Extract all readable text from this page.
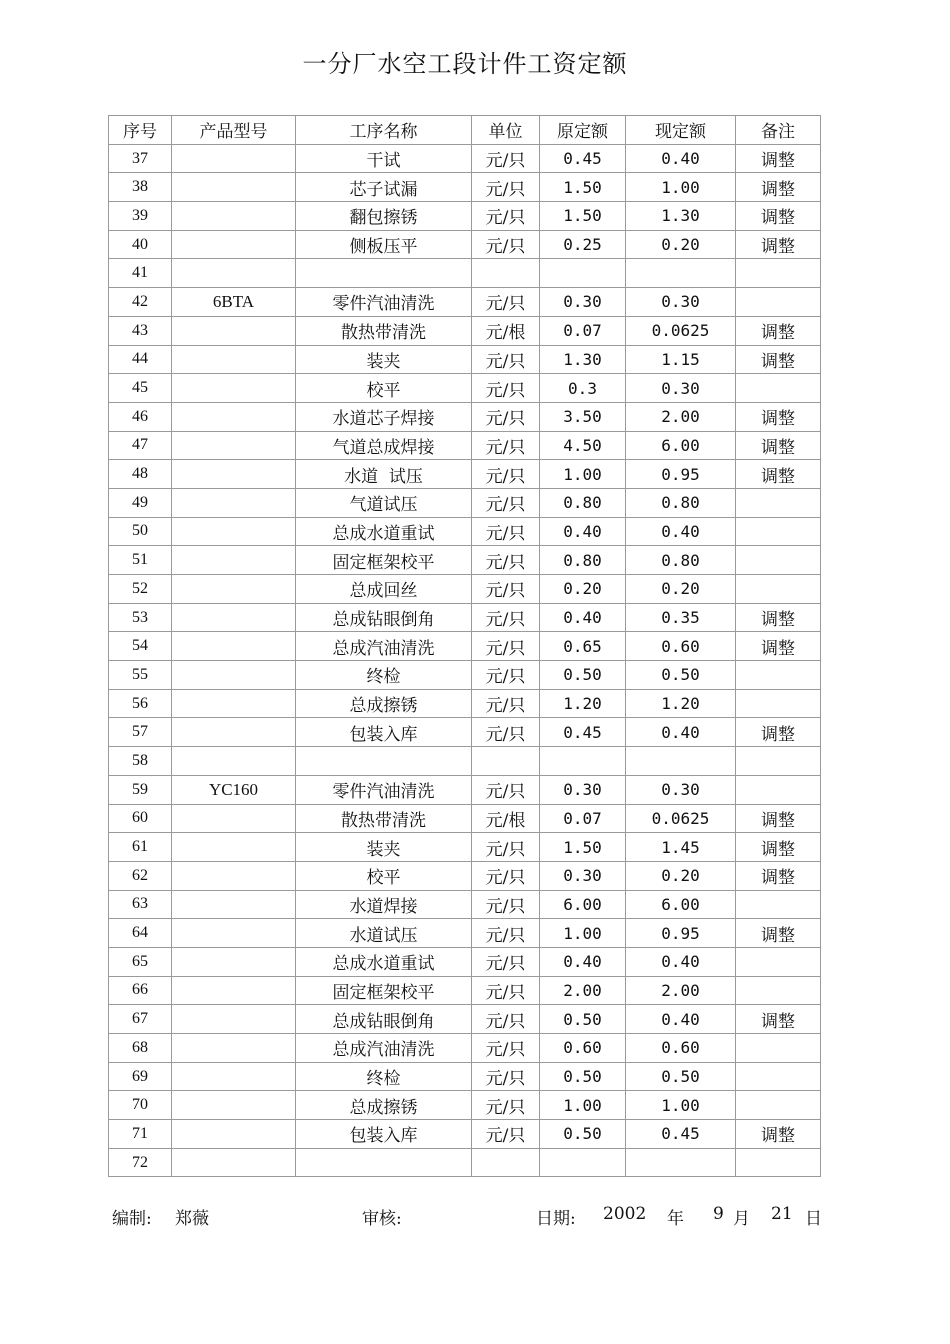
一分厂水空工段计件工资定额
序号	产品型号	工序名称	单位	原定额	现定额	备注
37		干试	元/只	0.45	0.40	调整
38		芯子试漏	元/只	1.50	1.00	调整
39		翻包擦锈	元/只	1.50	1.30	调整
40		侧板压平	元/只	0.25	0.20	调整
41						
42	6BTA	零件汽油清洗	元/只	0.30	0.30	
43		散热带清洗	元/根	0.07	0.0625	调整
44		装夹	元/只	1.30	1.15	调整
45		校平	元/只	0.3	0.30	
46		水道芯子焊接	元/只	3.50	2.00	调整
47		气道总成焊接	元/只	4.50	6.00	调整
48		水道  试压	元/只	1.00	0.95	调整
49		气道试压	元/只	0.80	0.80	
50		总成水道重试	元/只	0.40	0.40	
51		固定框架校平	元/只	0.80	0.80	
52		总成回丝	元/只	0.20	0.20	
53		总成钻眼倒角	元/只	0.40	0.35	调整
54		总成汽油清洗	元/只	0.65	0.60	调整
55		终检	元/只	0.50	0.50	
56		总成擦锈	元/只	1.20	1.20	
57		包装入库	元/只	0.45	0.40	调整
58						
59	YC160	零件汽油清洗	元/只	0.30	0.30	
60		散热带清洗	元/根	0.07	0.0625	调整
61		装夹	元/只	1.50	1.45	调整
62		校平	元/只	0.30	0.20	调整
63		水道焊接	元/只	6.00	6.00	
64		水道试压	元/只	1.00	0.95	调整
65		总成水道重试	元/只	0.40	0.40	
66		固定框架校平	元/只	2.00	2.00	
67		总成钻眼倒角	元/只	0.50	0.40	调整
68		总成汽油清洗	元/只	0.60	0.60	
69		终检	元/只	0.50	0.50	
70		总成擦锈	元/只	1.00	1.00	
71		包装入库	元/只	0.50	0.45	调整
72						
编制: 郑薇	审核:	日期: 2002 年 9 月 21 日
